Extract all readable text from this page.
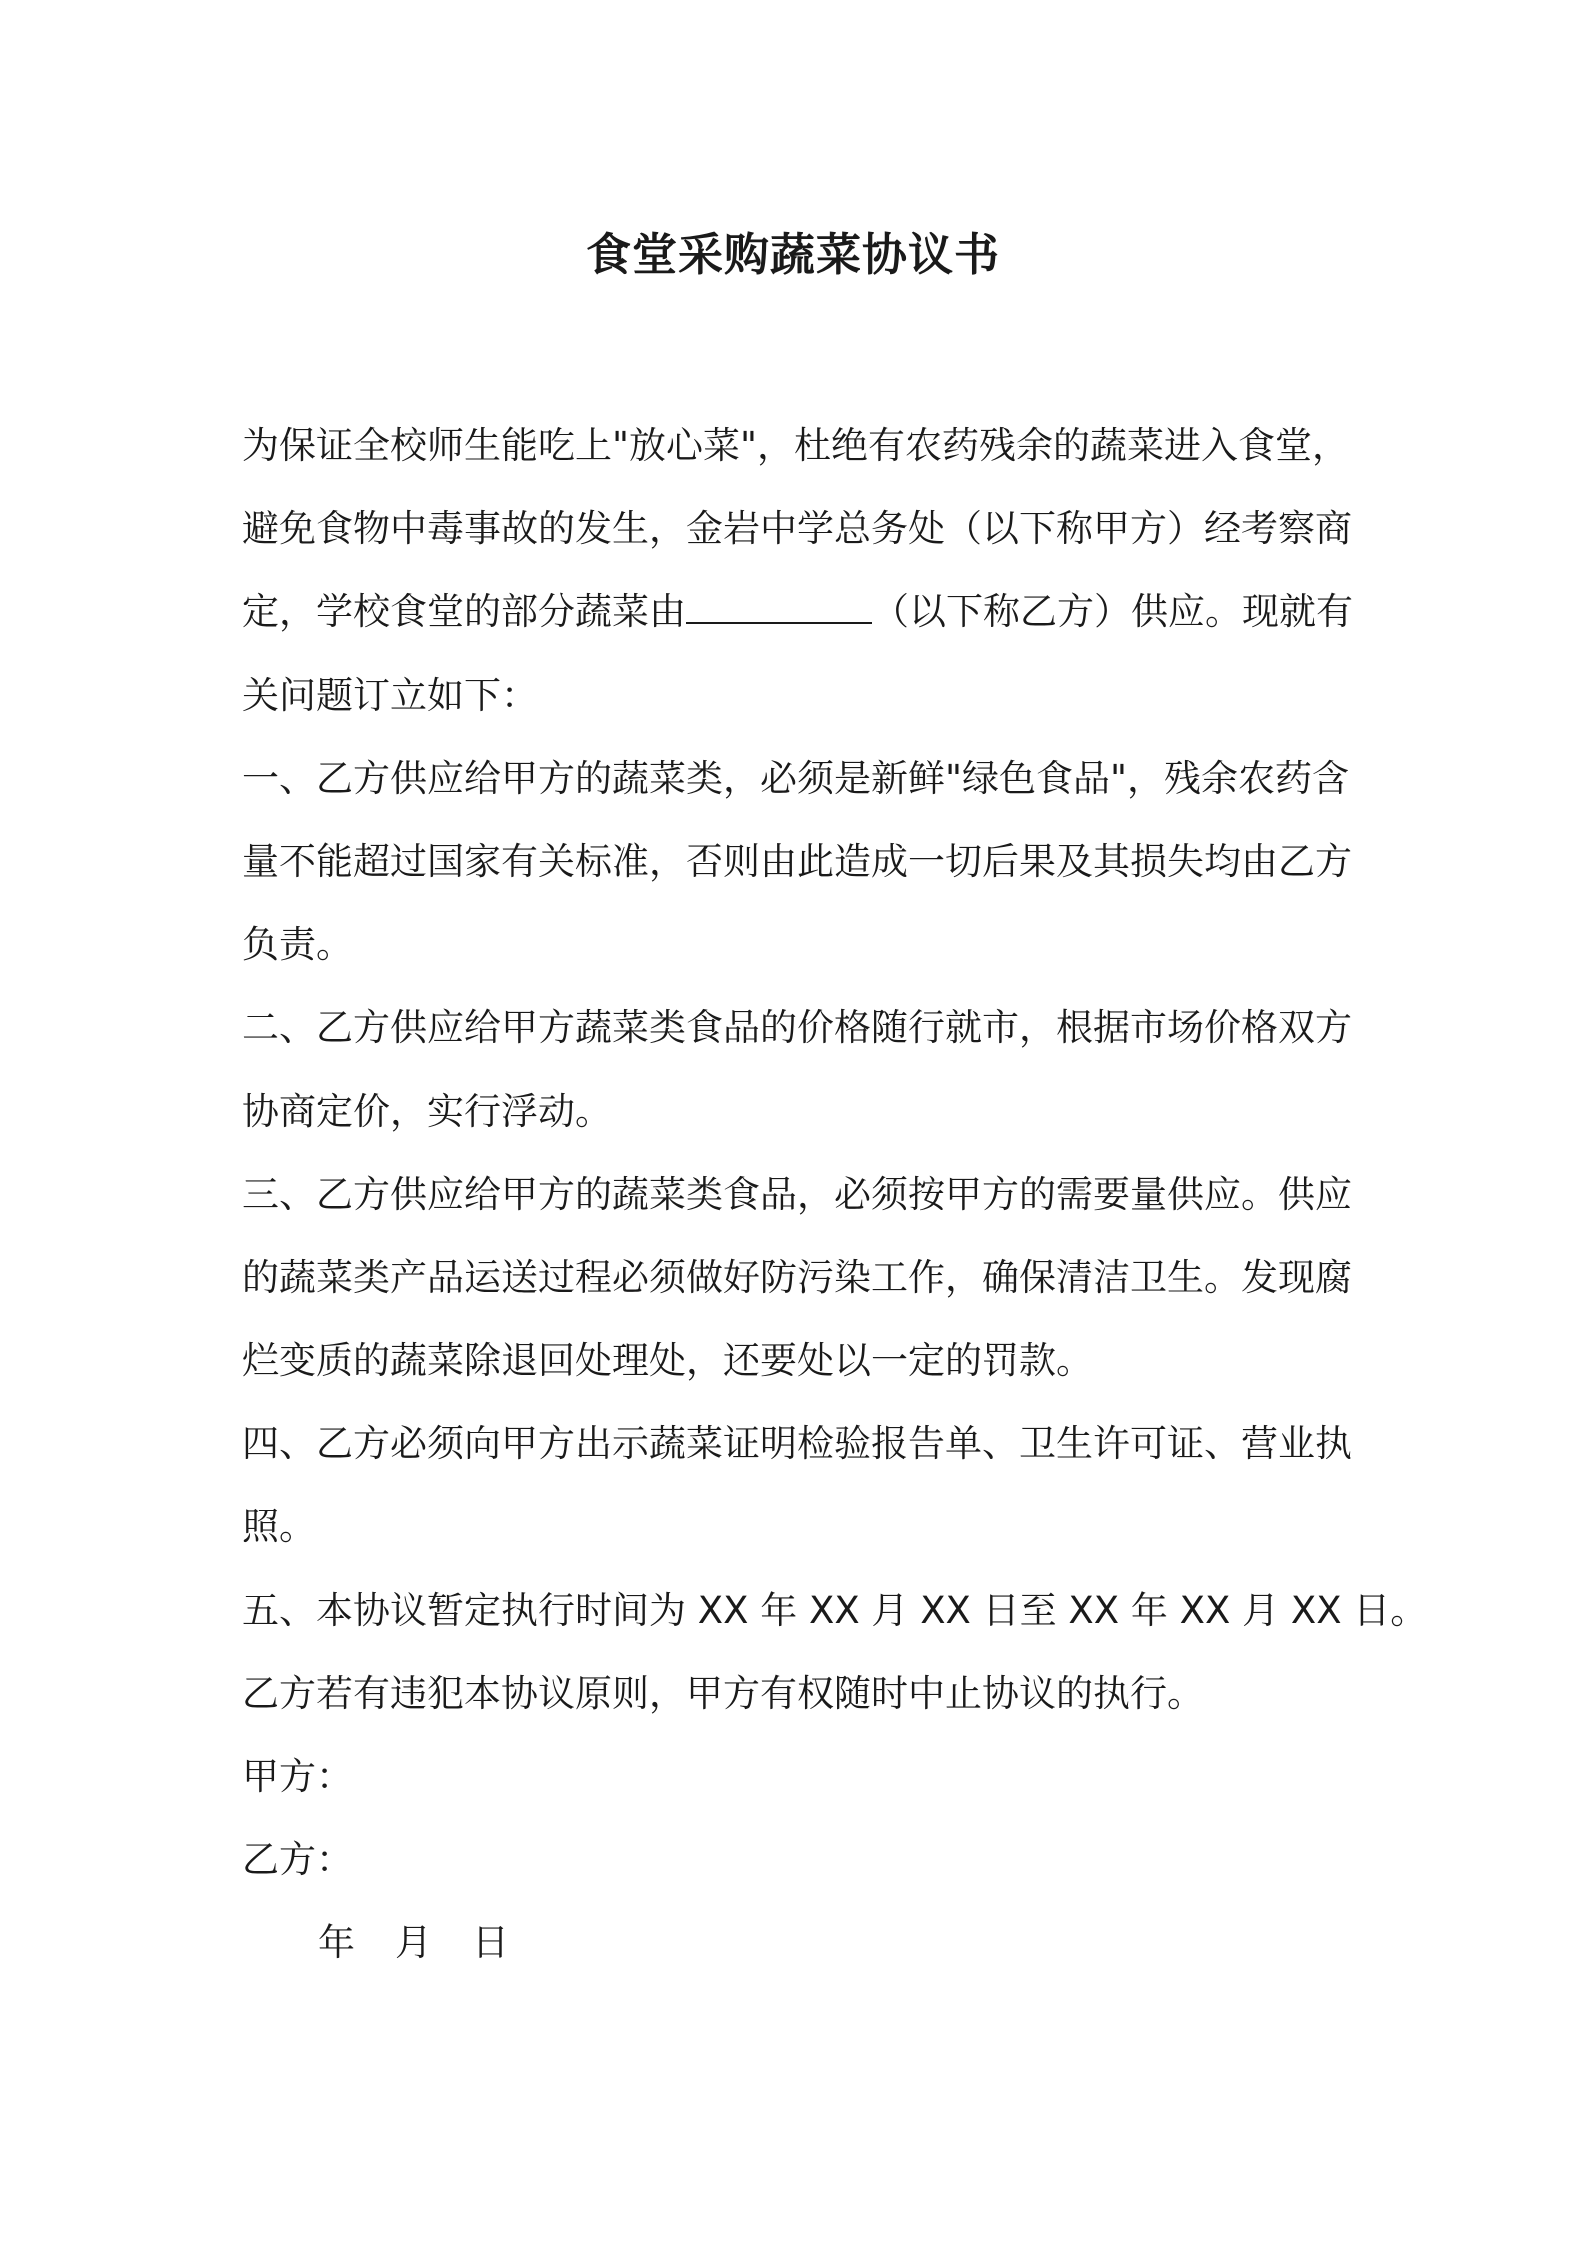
食堂采购蔬菜协议书
为保证全校师生能吃上"放心菜"，杜绝有农药残余的蔬菜进入食堂，
避免食物中毒事故的发生，金岩中学总务处（以下称甲方）经考察商
定，学校食堂的部分蔬菜由	（以下称乙方）供应。现就有
关问题订立如下：
一、乙方供应给甲方的蔬菜类，必须是新鲜"绿色食品"，残余农药含
量不能超过国家有关标准，否则由此造成一切后果及其损失均由乙方
负责。
二、乙方供应给甲方蔬菜类食品的价格随行就市，根据市场价格双方
协商定价，实行浮动。
三、乙方供应给甲方的蔬菜类食品，必须按甲方的需要量供应。供应
的蔬菜类产品运送过程必须做好防污染工作，确保清洁卫生。发现腐
烂变质的蔬菜除退回处理处，还要处以一定的罚款。
四、乙方必须向甲方出示蔬菜证明检验报告单、卫生许可证、营业执
照。
五、本协议暂定执行时间为 XX 年 XX 月 XX 日至 XX 年 XX 月 XX 日。
乙方若有违犯本协议原则，甲方有权随时中止协议的执行。
甲方：
乙方：
年 月 日
